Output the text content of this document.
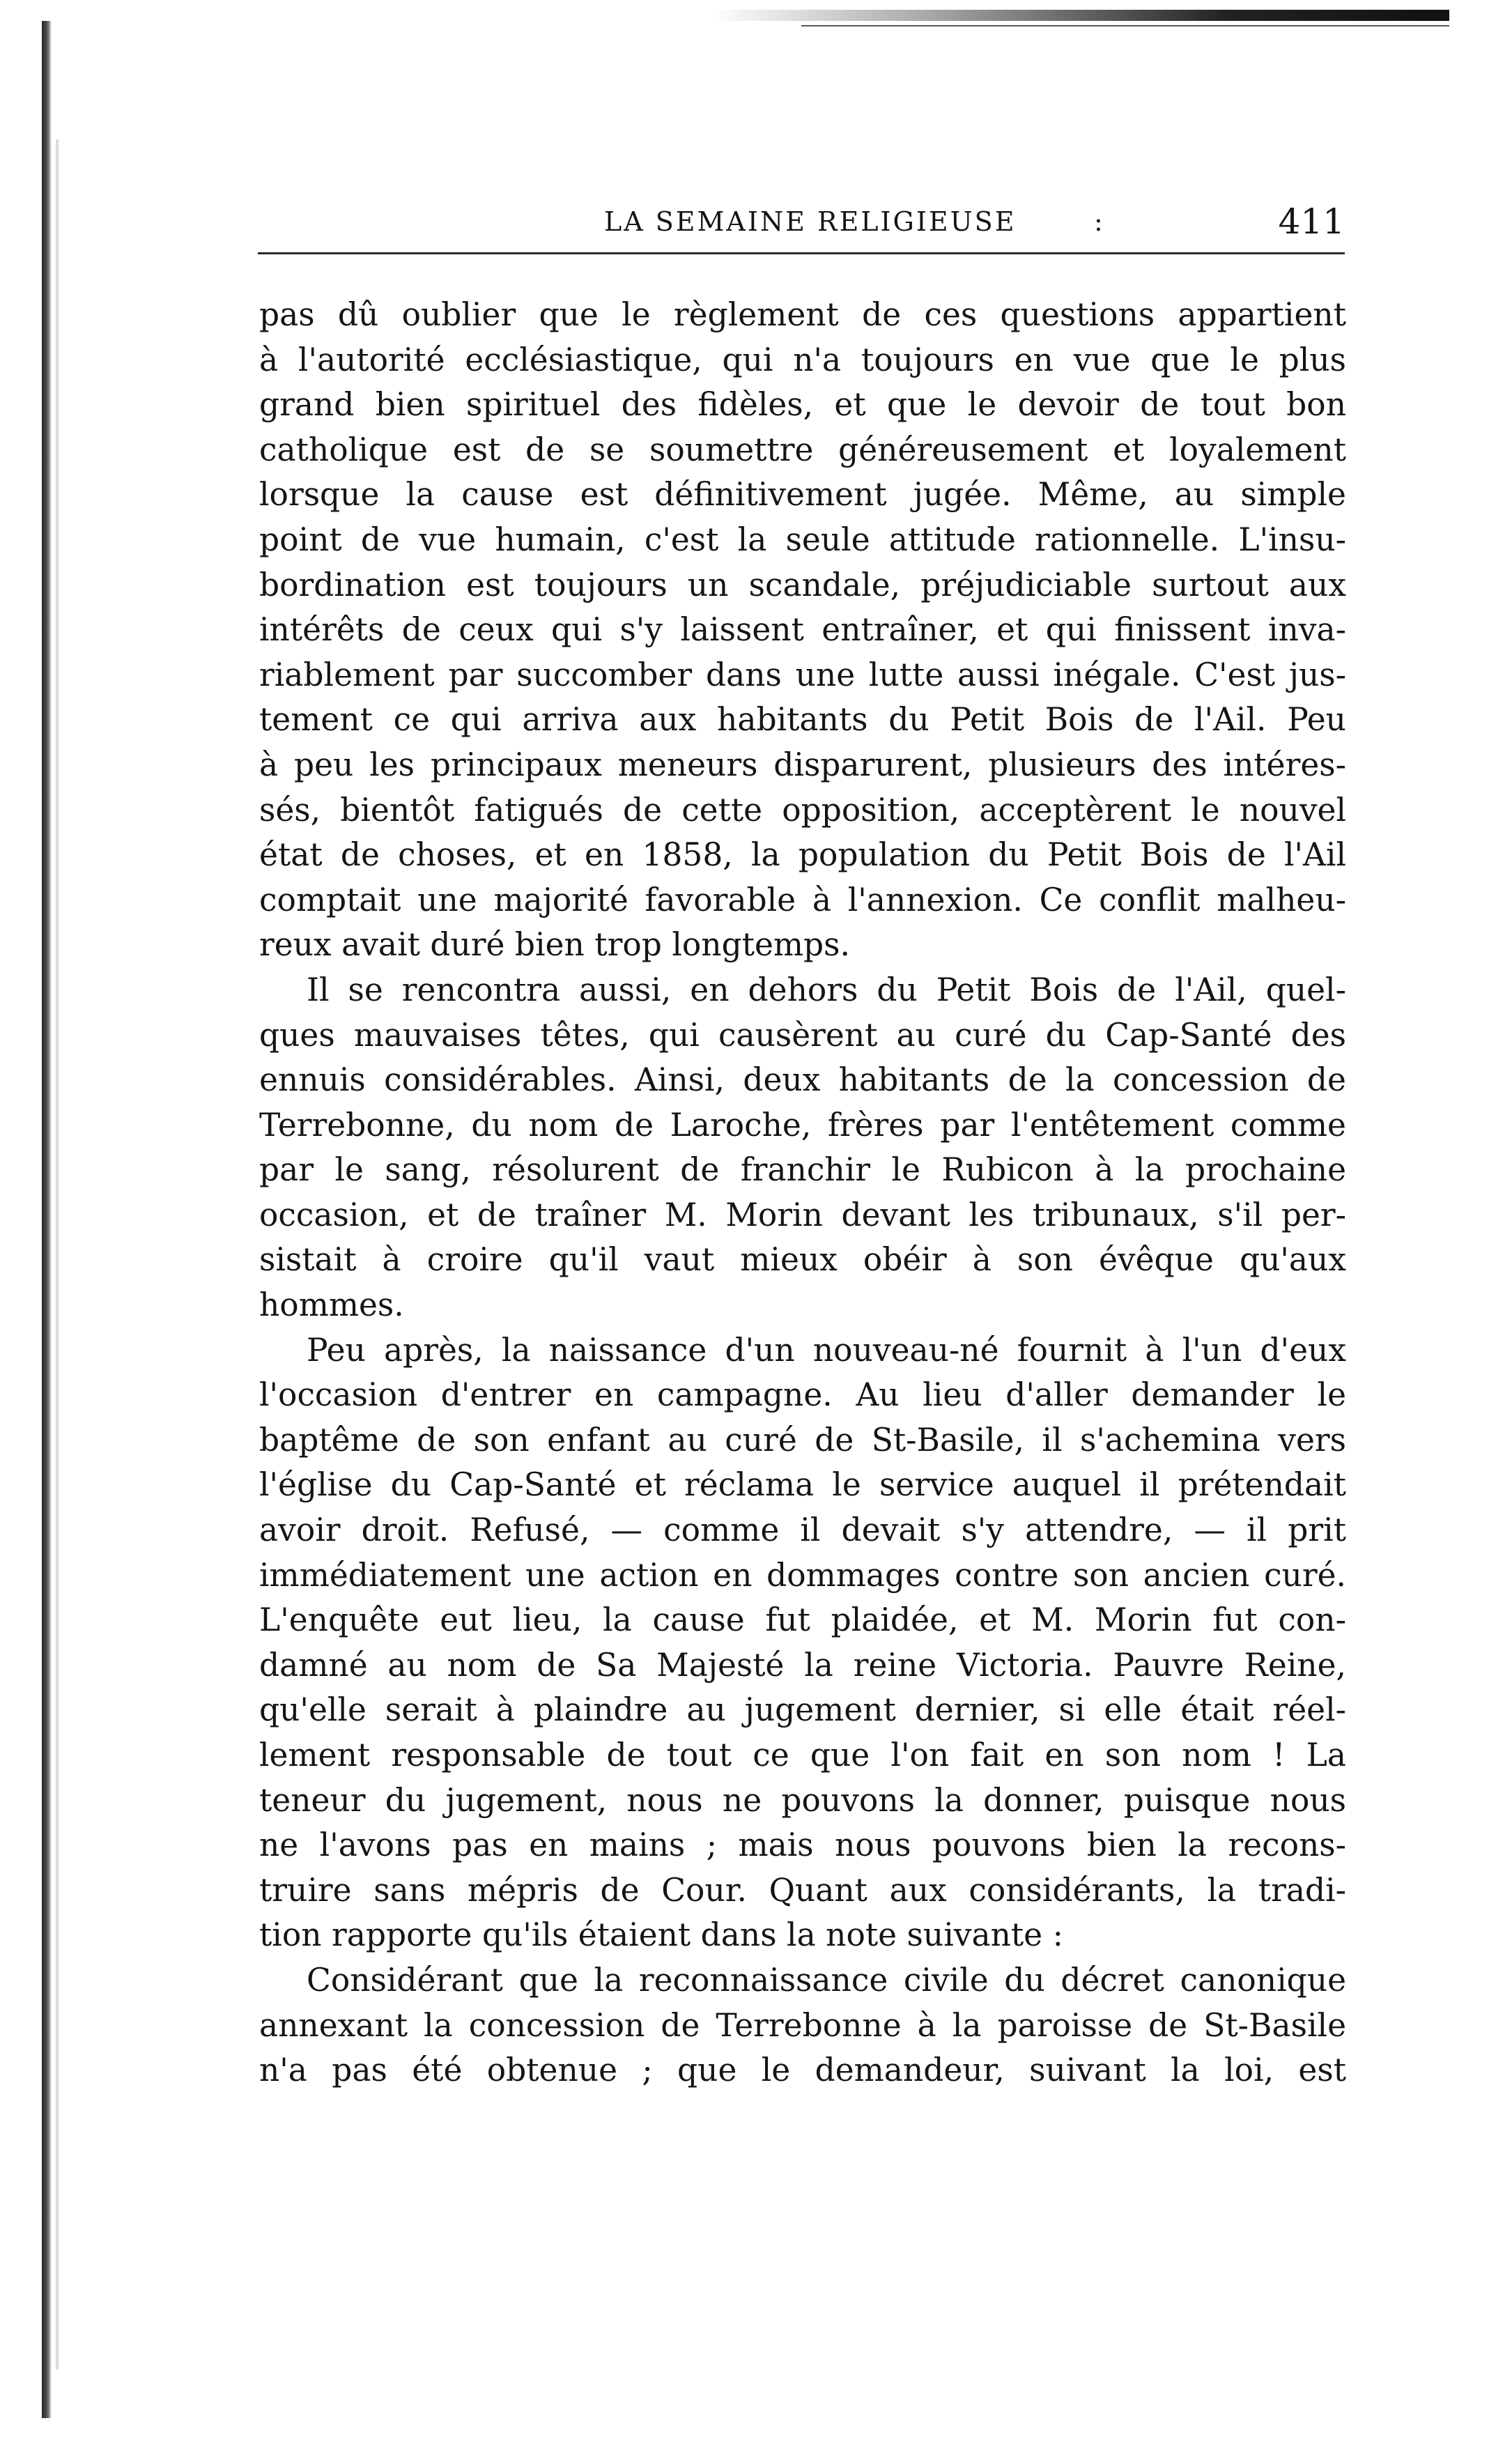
LA SEMAINE RELIGIEUSE	:	411
pas dû oublier que le règlement de ces questions appartient
à l'autorité ecclésiastique, qui n'a toujours en vue que le plus
grand bien spirituel des fidèles, et que le devoir de tout bon
catholique est de se soumettre généreusement et loyalement
lorsque la cause est définitivement jugée. Même, au simple
point de vue humain, c'est la seule attitude rationnelle. L'insu-
bordination est toujours un scandale, préjudiciable surtout aux
intérêts de ceux qui s'y laissent entraîner, et qui finissent inva-
riablement par succomber dans une lutte aussi inégale. C'est jus-
tement ce qui arriva aux habitants du Petit Bois de l'Ail. Peu
à peu les principaux meneurs disparurent, plusieurs des intéres-
sés, bientôt fatigués de cette opposition, acceptèrent le nouvel
état de choses, et en 1858, la population du Petit Bois de l'Ail
comptait une majorité favorable à l'annexion. Ce conflit malheu-
reux avait duré bien trop longtemps.
Il se rencontra aussi, en dehors du Petit Bois de l'Ail, quel-
ques mauvaises têtes, qui causèrent au curé du Cap-Santé des
ennuis considérables. Ainsi, deux habitants de la concession de
Terrebonne, du nom de Laroche, frères par l'entêtement comme
par le sang, résolurent de franchir le Rubicon à la prochaine
occasion, et de traîner M. Morin devant les tribunaux, s'il per-
sistait à croire qu'il vaut mieux obéir à son évêque qu'aux
hommes.
Peu après, la naissance d'un nouveau-né fournit à l'un d'eux
l'occasion d'entrer en campagne. Au lieu d'aller demander le
baptême de son enfant au curé de St-Basile, il s'achemina vers
l'église du Cap-Santé et réclama le service auquel il prétendait
avoir droit. Refusé, — comme il devait s'y attendre, — il prit
immédiatement une action en dommages contre son ancien curé.
L'enquête eut lieu, la cause fut plaidée, et M. Morin fut con-
damné au nom de Sa Majesté la reine Victoria. Pauvre Reine,
qu'elle serait à plaindre au jugement dernier, si elle était réel-
lement responsable de tout ce que l'on fait en son nom ! La
teneur du jugement, nous ne pouvons la donner, puisque nous
ne l'avons pas en mains ; mais nous pouvons bien la recons-
truire sans mépris de Cour. Quant aux considérants, la tradi-
tion rapporte qu'ils étaient dans la note suivante :
Considérant que la reconnaissance civile du décret canonique
annexant la concession de Terrebonne à la paroisse de St-Basile
n'a pas été obtenue ; que le demandeur, suivant la loi, est
